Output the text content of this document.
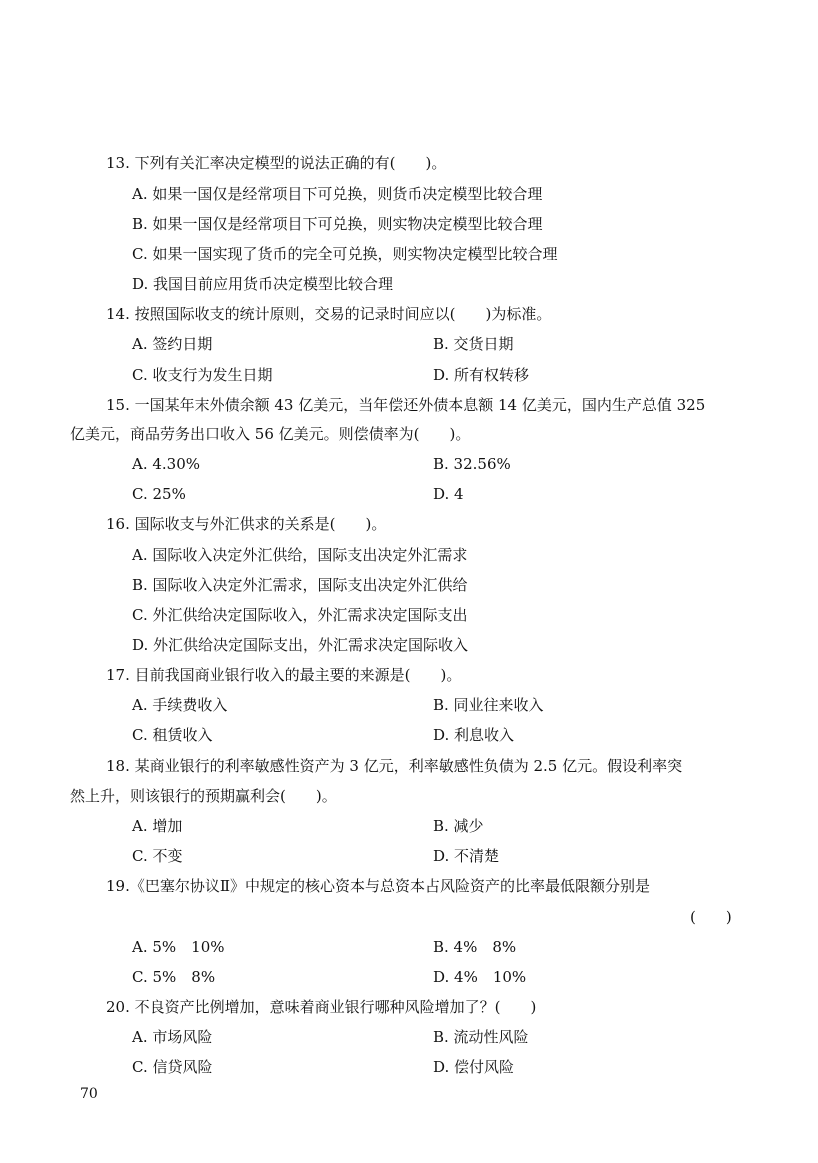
13. 下列有关汇率决定模型的说法正确的有(　　)。
A. 如果一国仅是经常项目下可兑换，则货币决定模型比较合理
B. 如果一国仅是经常项目下可兑换，则实物决定模型比较合理
C. 如果一国实现了货币的完全可兑换，则实物决定模型比较合理
D. 我国目前应用货币决定模型比较合理
14. 按照国际收支的统计原则，交易的记录时间应以(　　)为标准。
A. 签约日期	B. 交货日期
C. 收支行为发生日期	D. 所有权转移
15. 一国某年末外债余额 43 亿美元，当年偿还外债本息额 14 亿美元，国内生产总值 325
亿美元，商品劳务出口收入 56 亿美元。则偿债率为(　　)。
A. 4.30%	B. 32.56%
C. 25%	D. 4
16. 国际收支与外汇供求的关系是(　　)。
A. 国际收入决定外汇供给，国际支出决定外汇需求
B. 国际收入决定外汇需求，国际支出决定外汇供给
C. 外汇供给决定国际收入，外汇需求决定国际支出
D. 外汇供给决定国际支出，外汇需求决定国际收入
17. 目前我国商业银行收入的最主要的来源是(　　)。
A. 手续费收入	B. 同业往来收入
C. 租赁收入	D. 利息收入
18. 某商业银行的利率敏感性资产为 3 亿元，利率敏感性负债为 2.5 亿元。假设利率突
然上升，则该银行的预期赢利会(　　)。
A. 增加	B. 减少
C. 不变	D. 不清楚
19.《巴塞尔协议Ⅱ》中规定的核心资本与总资本占风险资产的比率最低限额分别是
(　　)
A. 5%　10%	B. 4%　8%
C. 5%　8%	D. 4%　10%
20. 不良资产比例增加，意味着商业银行哪种风险增加了？(　　)
A. 市场风险	B. 流动性风险
C. 信贷风险	D. 偿付风险
70
